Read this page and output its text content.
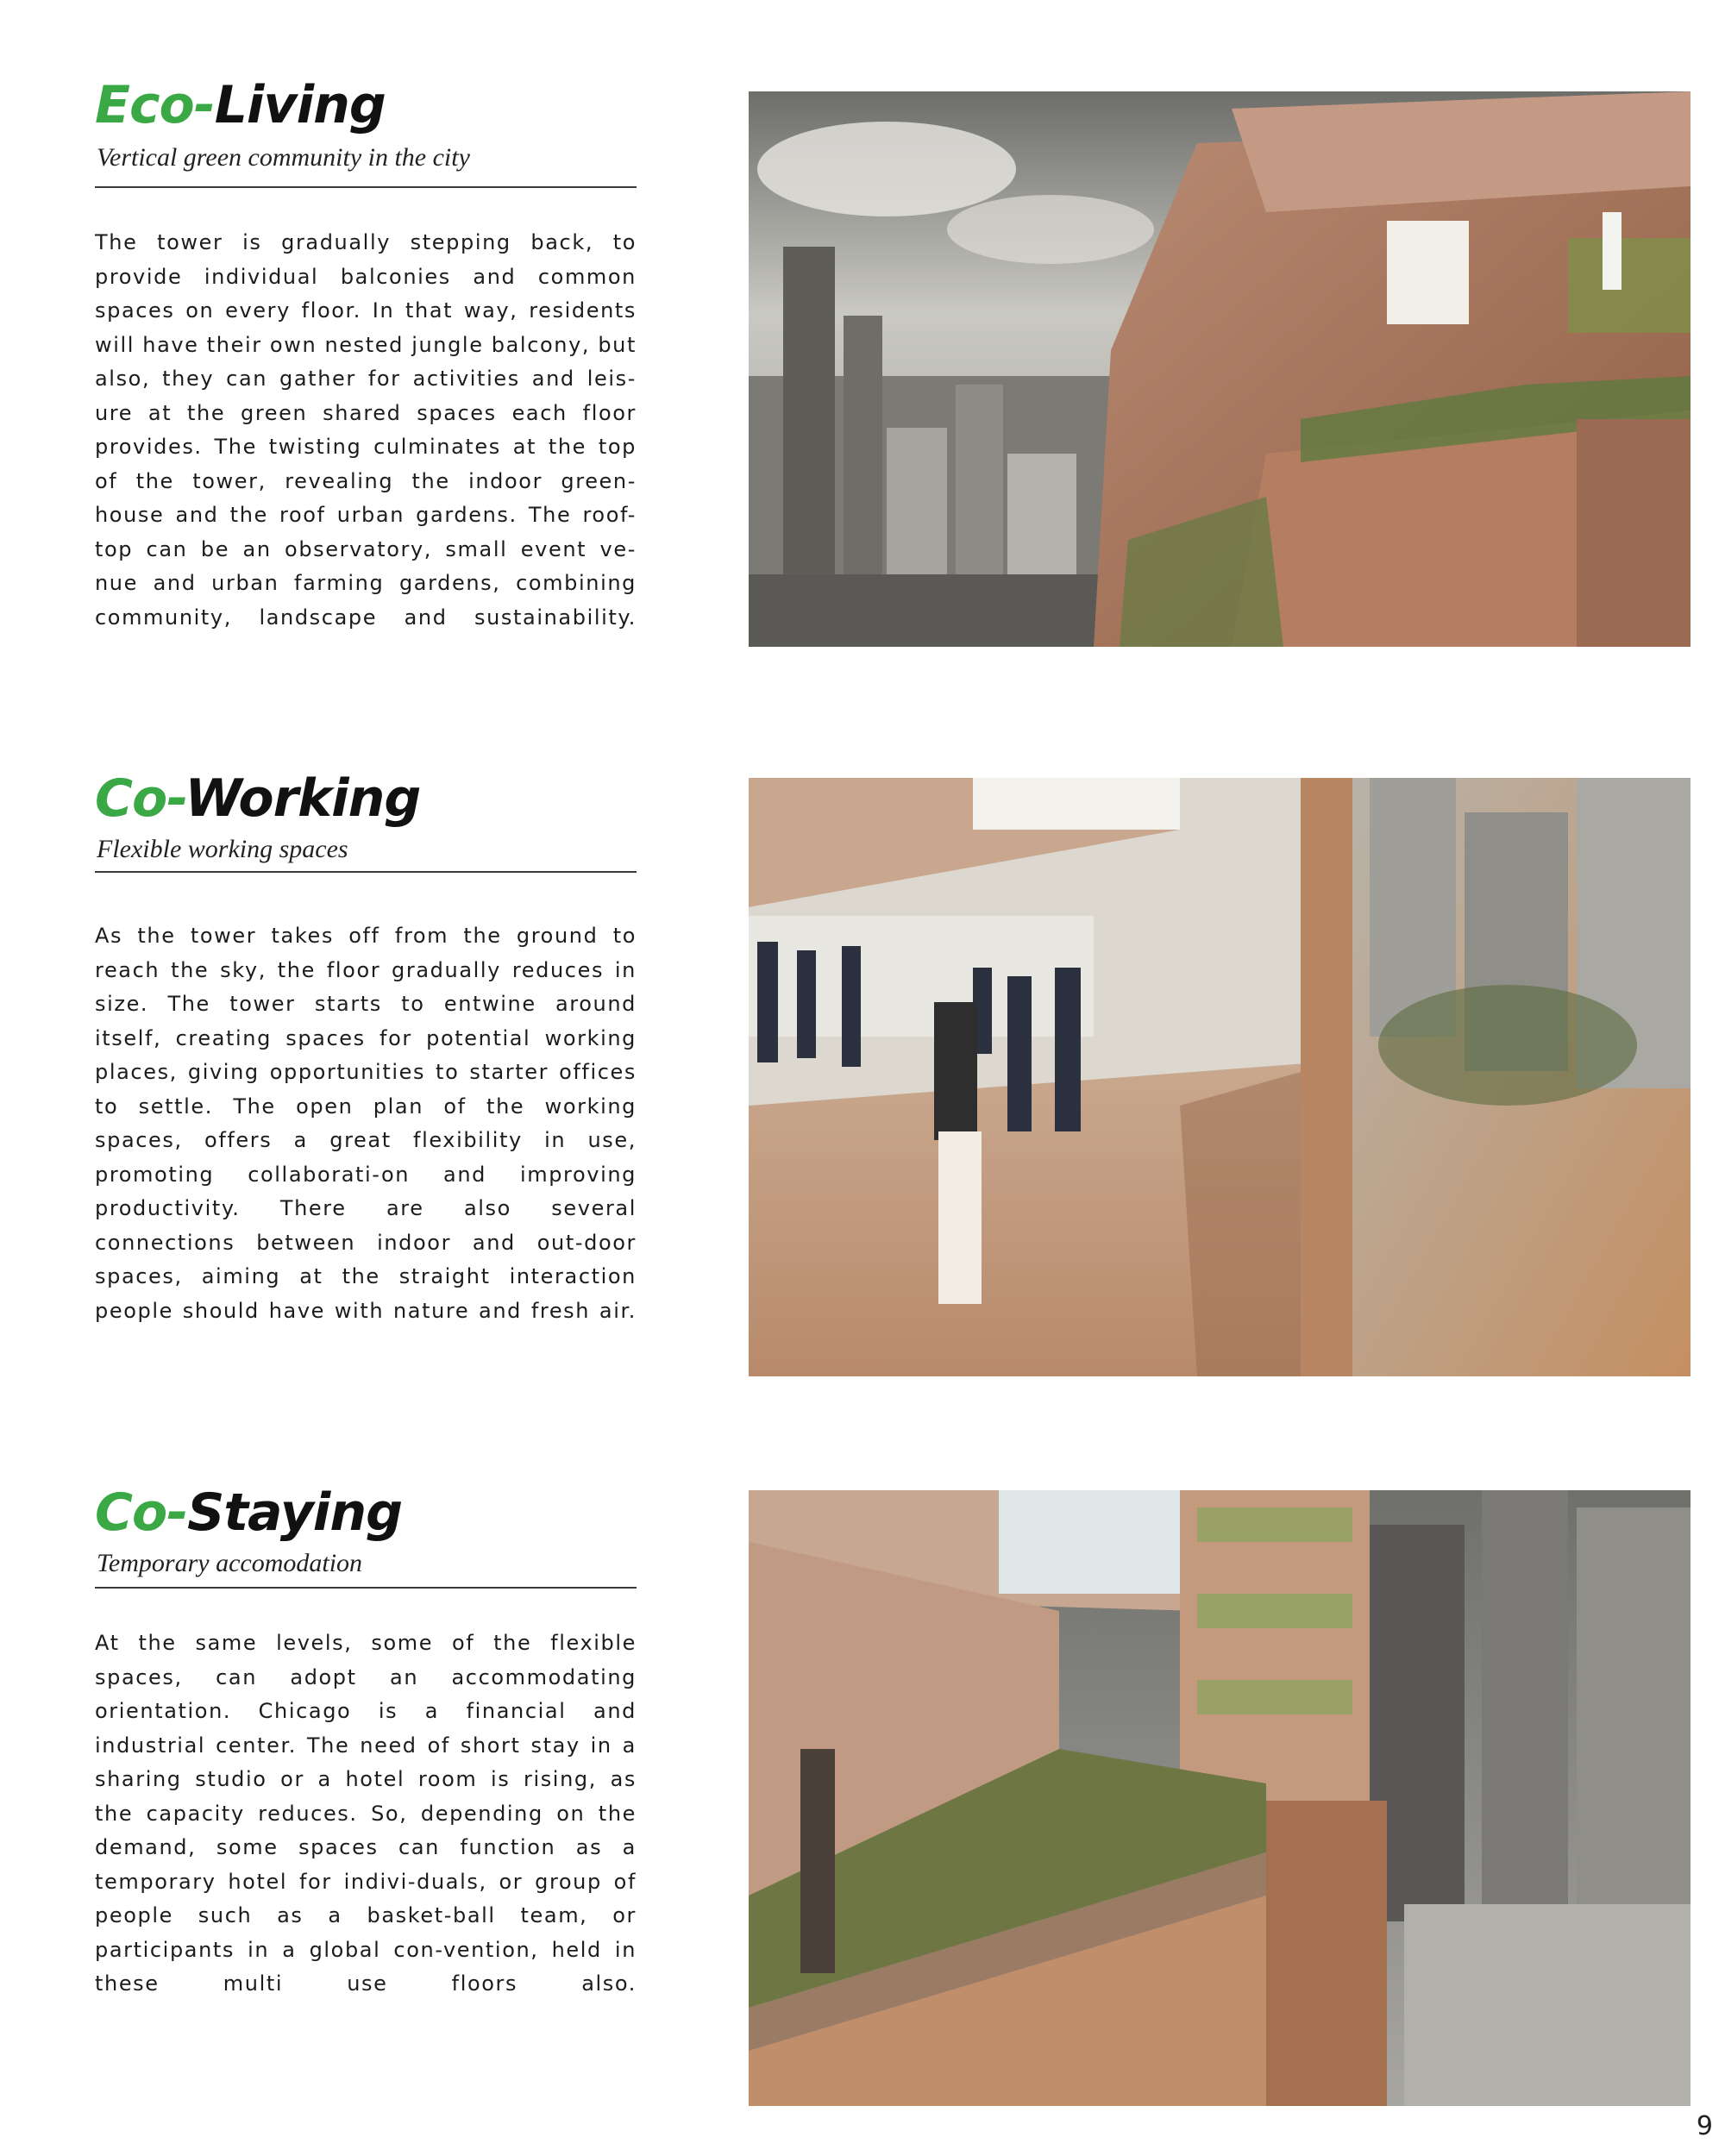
Eco-Living

Vertical green community in the city

The tower is gradually stepping back, to provide individual balconies and common spaces on every floor. In that way, residents will have their own nested jungle balcony, but also, they can gather for activities and leis-ure at the green shared spaces each floor provides. The twisting culminates at the top of the tower, revealing the indoor green-house and the roof urban gardens. The roof-top can be an observatory, small event ve-nue and urban farming gardens, combining community, landscape and sustainability.

Co-Working

Flexible working spaces

As the tower takes off from the ground to reach the sky, the floor gradually reduces in size. The tower starts to entwine around itself, creating spaces for potential working places, giving opportunities to starter offices to settle. The open plan of the working spaces, offers a great flexibility in use, promoting collaborati-on and improving productivity. There are also several connections between indoor and out-door spaces, aiming at the straight interaction people should have with nature and fresh air.

Co-Staying

Temporary accomodation

At the same levels, some of the flexible spaces, can adopt an accommodating orientation. Chicago is a financial and industrial center. The need of short stay in a sharing studio or a hotel room is rising, as the capacity reduces. So, depending on the demand, some spaces can function as a temporary hotel for indivi-duals, or group of people such as a basket-ball team, or participants in a global con-vention, held in these multi use floors also.

9
